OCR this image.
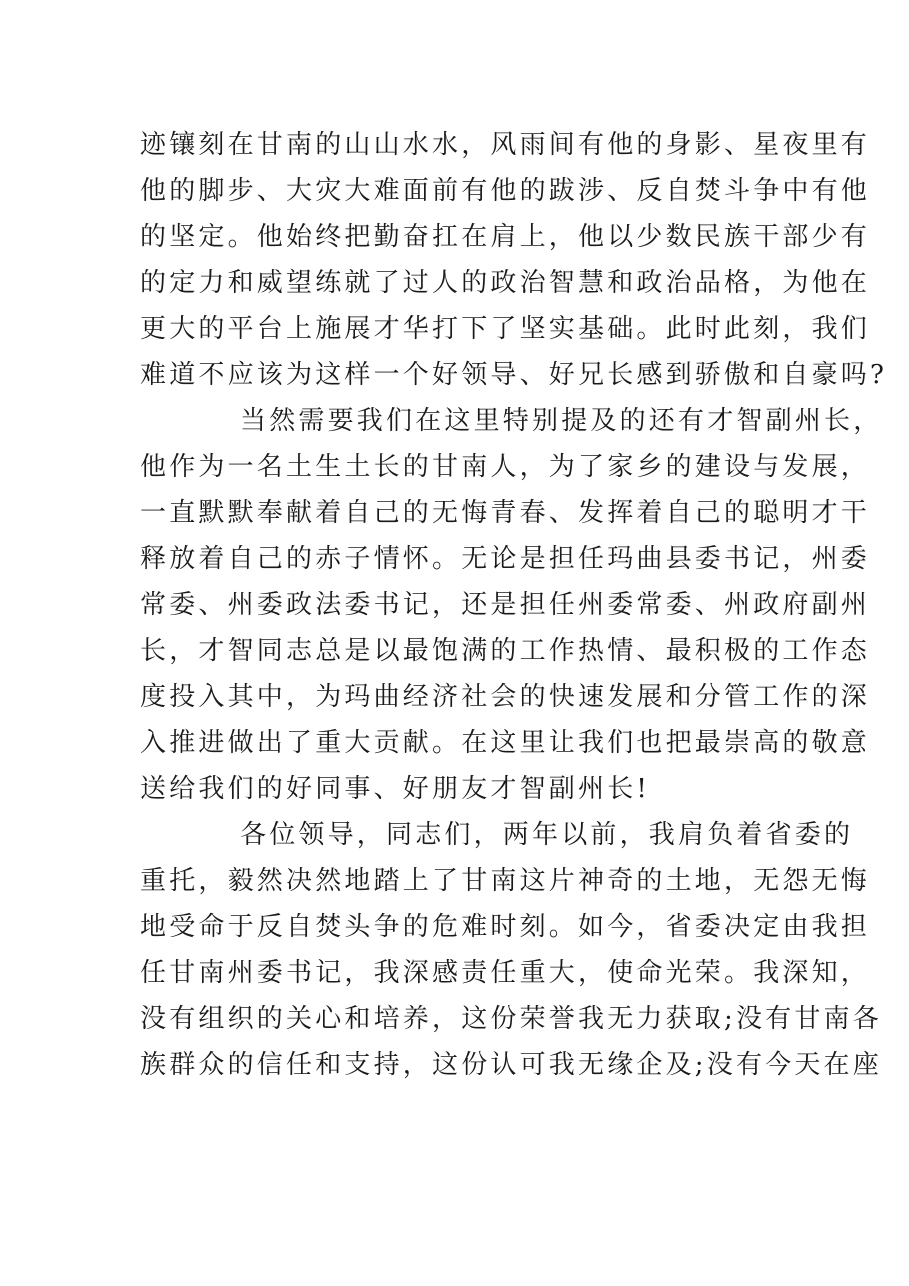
迹镶刻在甘南的山山水水，风雨间有他的身影、星夜里有
他的脚步、大灾大难面前有他的跋涉、反自焚斗争中有他
的坚定。他始终把勤奋扛在肩上，他以少数民族干部少有
的定力和威望练就了过人的政治智慧和政治品格，为他在
更大的平台上施展才华打下了坚实基础。此时此刻，我们
难道不应该为这样一个好领导、好兄长感到骄傲和自豪吗?
当然需要我们在这里特别提及的还有才智副州长，
他作为一名土生土长的甘南人，为了家乡的建设与发展，
一直默默奉献着自己的无悔青春、发挥着自己的聪明才干
释放着自己的赤子情怀。无论是担任玛曲县委书记，州委
常委、州委政法委书记，还是担任州委常委、州政府副州
长，才智同志总是以最饱满的工作热情、最积极的工作态
度投入其中，为玛曲经济社会的快速发展和分管工作的深
入推进做出了重大贡献。在这里让我们也把最崇高的敬意
送给我们的好同事、好朋友才智副州长!
各位领导，同志们，两年以前，我肩负着省委的
重托，毅然决然地踏上了甘南这片神奇的土地，无怨无悔
地受命于反自焚头争的危难时刻。如今，省委决定由我担
任甘南州委书记，我深感责任重大，使命光荣。我深知，
没有组织的关心和培养，这份荣誉我无力获取;没有甘南各
族群众的信任和支持，这份认可我无缘企及;没有今天在座
